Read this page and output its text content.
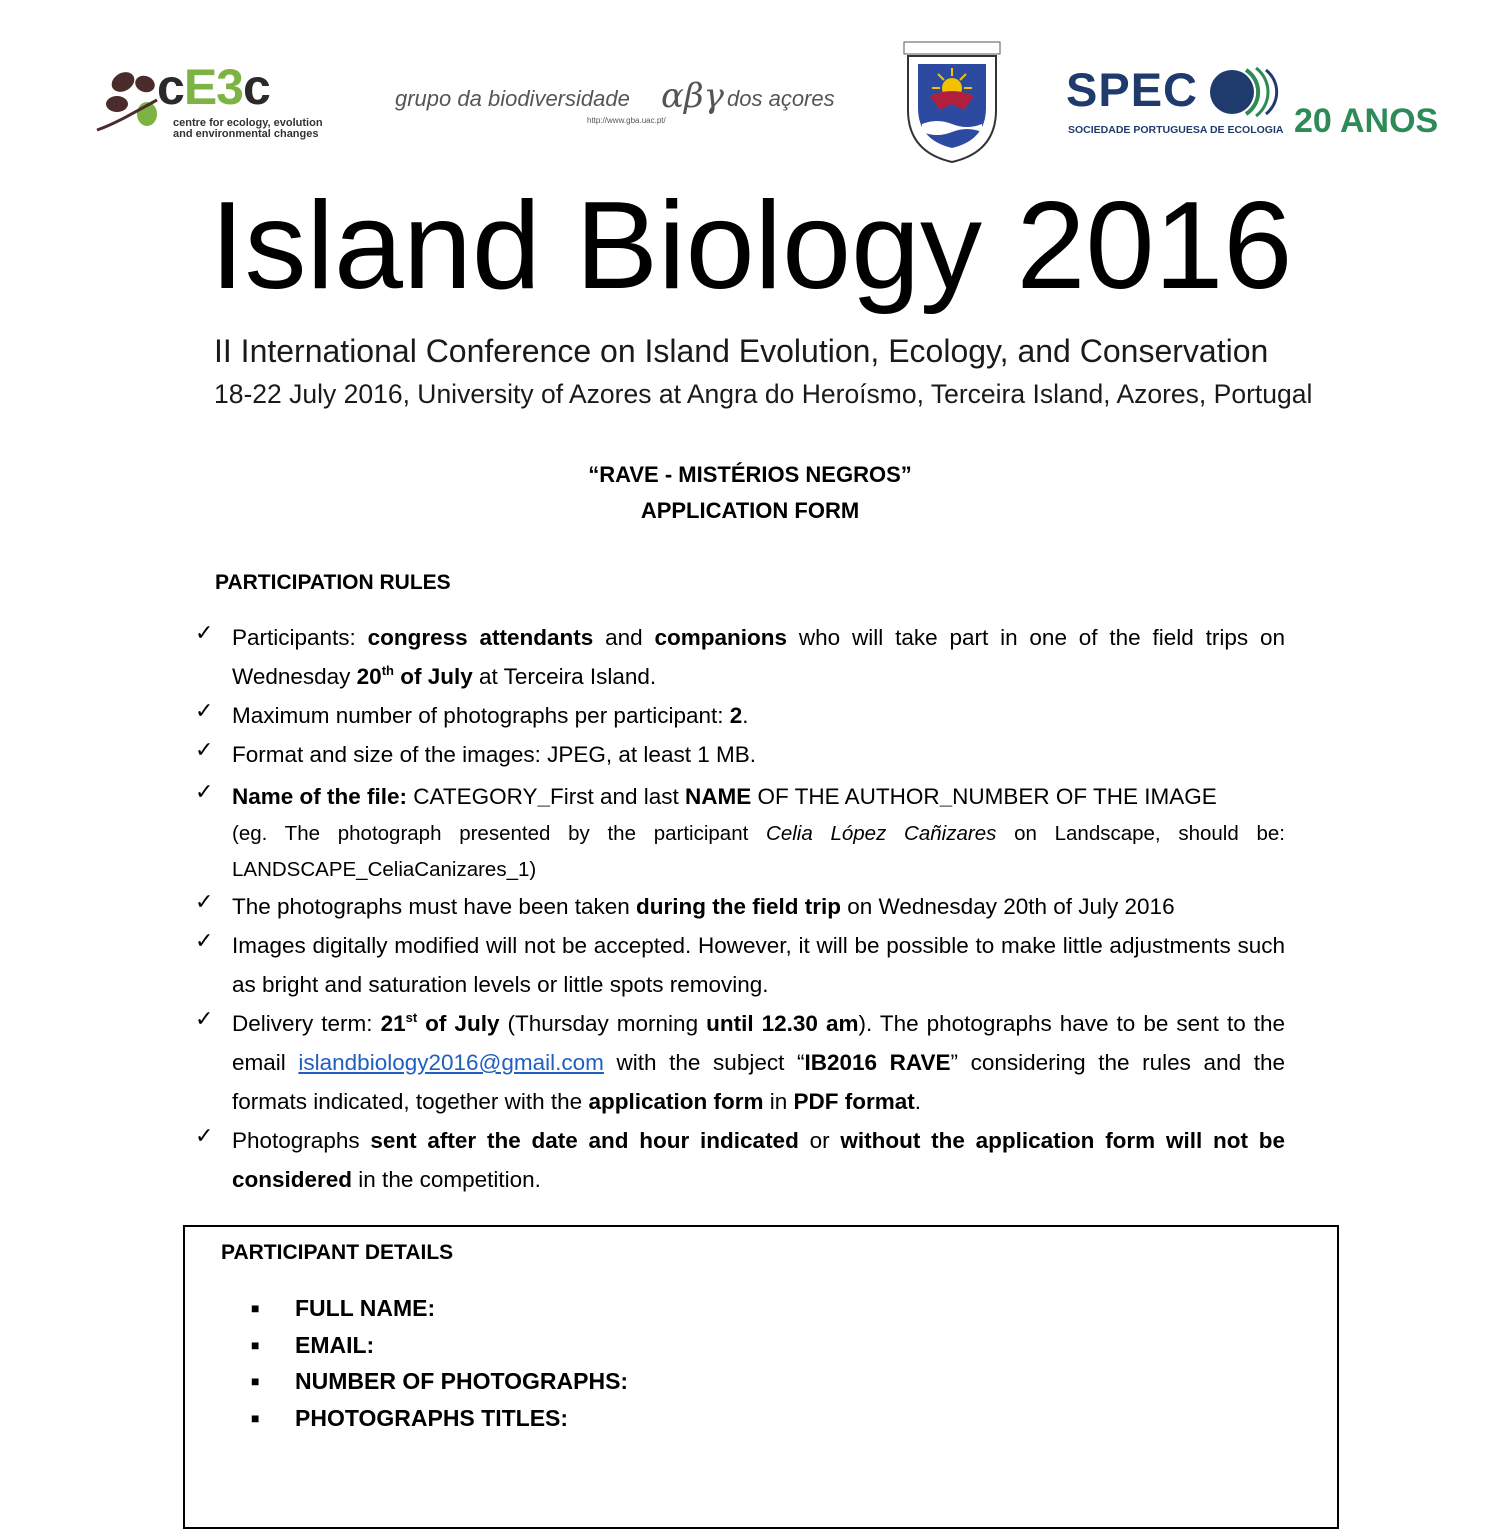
cE3c
centre for ecology, evolution
and environmental changes
grupo da biodiversidade αβγ dos açores
http://www.gba.uac.pt/
SPEC
SOCIEDADE PORTUGUESA DE ECOLOGIA 20 ANOS
Island Biology 2016
II International Conference on Island Evolution, Ecology, and Conservation
18-22 July 2016, University of Azores at Angra do Heroísmo, Terceira Island, Azores, Portugal
“RAVE - MISTÉRIOS NEGROS”
APPLICATION FORM
PARTICIPATION RULES
✓ Participants: congress attendants and companions who will take part in one of the field trips on Wednesday 20th of July at Terceira Island.
✓ Maximum number of photographs per participant: 2.
✓ Format and size of the images: JPEG, at least 1 MB.
✓ Name of the file: CATEGORY_First and last NAME OF THE AUTHOR_NUMBER OF THE IMAGE
(eg. The photograph presented by the participant Celia López Cañizares on Landscape, should be: LANDSCAPE_CeliaCanizares_1)
✓ The photographs must have been taken during the field trip on Wednesday 20th of July 2016
✓ Images digitally modified will not be accepted. However, it will be possible to make little adjustments such as bright and saturation levels or little spots removing.
✓ Delivery term: 21st of July (Thursday morning until 12.30 am). The photographs have to be sent to the email islandbiology2016@gmail.com with the subject “IB2016 RAVE” considering the rules and the formats indicated, together with the application form in PDF format.
✓ Photographs sent after the date and hour indicated or without the application form will not be considered in the competition.
PARTICIPANT DETAILS
■ FULL NAME:
■ EMAIL:
■ NUMBER OF PHOTOGRAPHS:
■ PHOTOGRAPHS TITLES:
